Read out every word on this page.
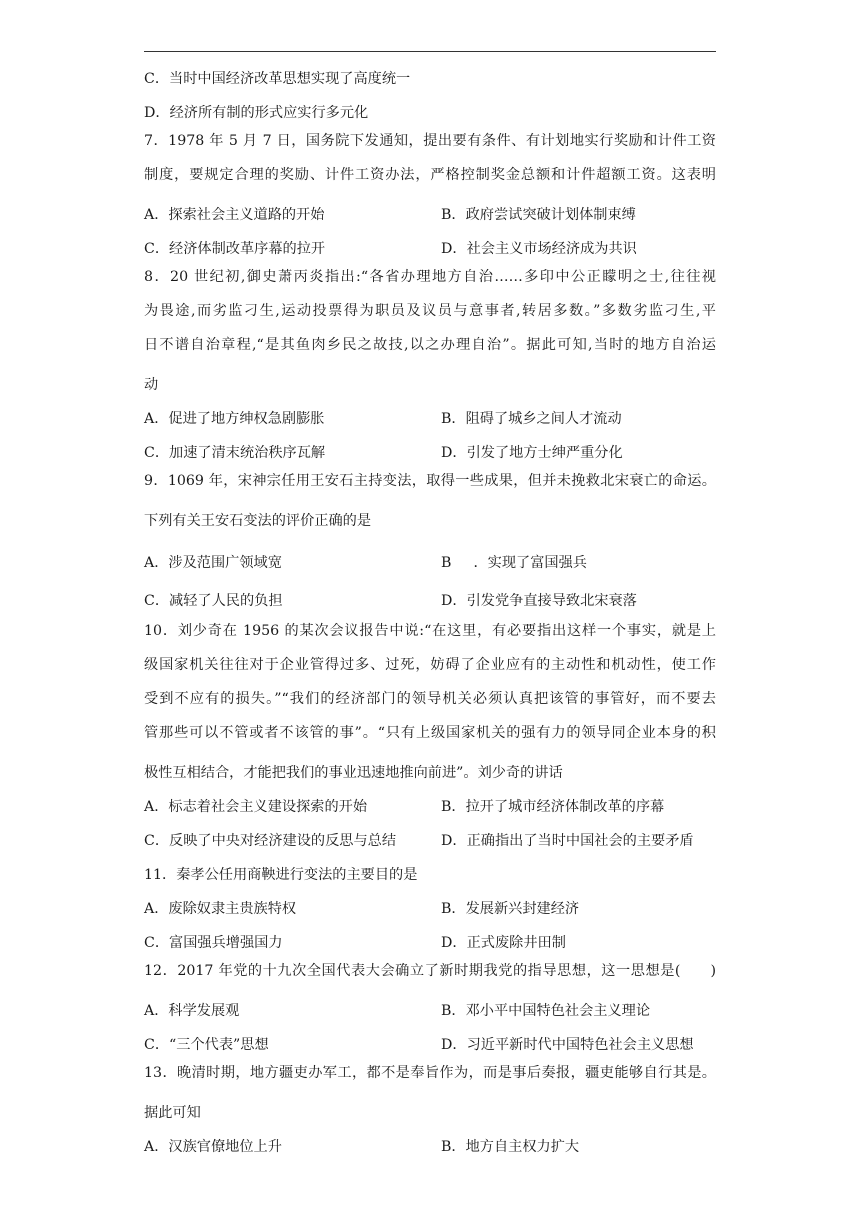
C．当时中国经济改革思想实现了高度统一
D．经济所有制的形式应实行多元化
7．1978 年 5 月 7 日，国务院下发通知，提出要有条件、有计划地实行奖励和计件工资
制度，要规定合理的奖励、计件工资办法，严格控制奖金总额和计件超额工资。这表明
A．探索社会主义道路的开始	B．政府尝试突破计划体制束缚
C．经济体制改革序幕的拉开	D．社会主义市场经济成为共识
8．20 世纪初,御史萧丙炎指出:“各省办理地方自治……多印中公正矇明之士,往往视
为畏途,而劣监刁生,运动投票得为职员及议员与意事者,转居多数。”多数劣监刁生,平
日不谱自治章程,“是其鱼肉乡民之故技,以之办理自治”。据此可知,当时的地方自治运
动
A．促进了地方绅权急剧膨胀	B．阻碍了城乡之间人才流动
C．加速了清末统治秩序瓦解	D．引发了地方士绅严重分化
9．1069 年，宋神宗任用王安石主持变法，取得一些成果，但并未挽救北宋衰亡的命运。
下列有关王安石变法的评价正确的是
A．涉及范围广领域宽	B ．实现了富国强兵
C．减轻了人民的负担	D．引发党争直接导致北宋衰落
10．刘少奇在 1956 的某次会议报告中说:“在这里，有必要指出这样一个事实，就是上
级国家机关往往对于企业管得过多、过死，妨碍了企业应有的主动性和机动性，使工作
受到不应有的损失。”“我们的经济部门的领导机关必须认真把该管的事管好，而不要去
管那些可以不管或者不该管的事”。“只有上级国家机关的强有力的领导同企业本身的积
极性互相结合，才能把我们的事业迅速地推向前进”。刘少奇的讲话
A．标志着社会主义建设探索的开始	B．拉开了城市经济体制改革的序幕
C．反映了中央对经济建设的反思与总结	D．正确指出了当时中国社会的主要矛盾
11．秦孝公任用商鞅进行变法的主要目的是
A．废除奴隶主贵族特权	B．发展新兴封建经济
C．富国强兵增强国力	D．正式废除井田制
12．2017 年党的十九次全国代表大会确立了新时期我党的指导思想，这一思想是(　　)
A．科学发展观	B．邓小平中国特色社会主义理论
C．“三个代表”思想	D．习近平新时代中国特色社会主义思想
13．晚清时期，地方疆吏办军工，都不是奉旨作为，而是事后奏报，疆吏能够自行其是。
据此可知
A．汉族官僚地位上升	B．地方自主权力扩大
